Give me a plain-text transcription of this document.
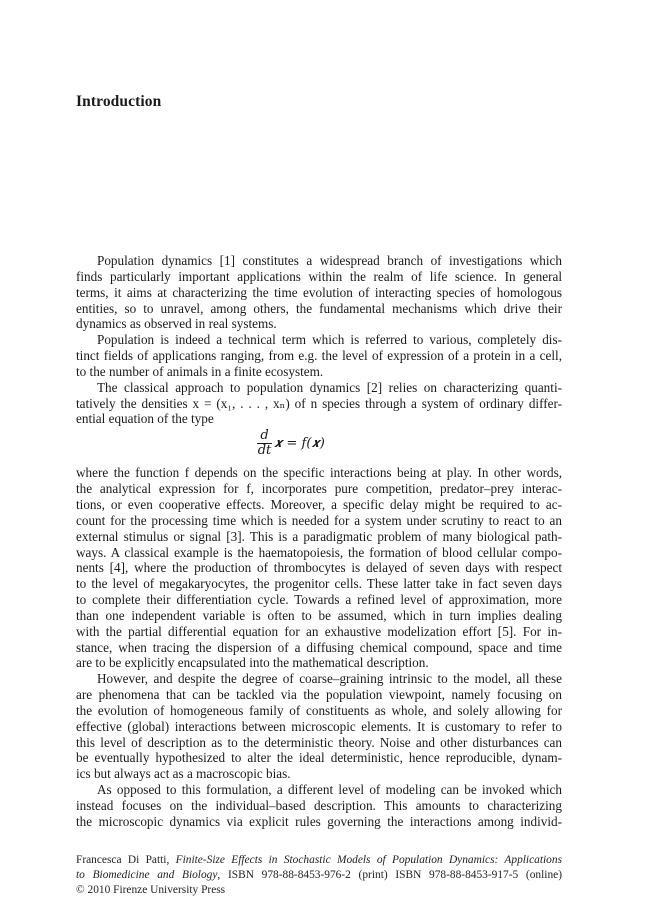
Introduction
Population dynamics [1] constitutes a widespread branch of investigations which
finds particularly important applications within the realm of life science. In general
terms, it aims at characterizing the time evolution of interacting species of homologous
entities, so to unravel, among others, the fundamental mechanisms which drive their
dynamics as observed in real systems.
Population is indeed a technical term which is referred to various, completely dis-
tinct fields of applications ranging, from e.g. the level of expression of a protein in a cell,
to the number of animals in a finite ecosystem.
The classical approach to population dynamics [2] relies on characterizing quanti-
tatively the densities x = (x₁, . . . , xₙ) of n species through a system of ordinary differ-
ential equation of the type
$\frac{d}{dt}$ 𝒙 = f(𝒙)
where the function f depends on the specific interactions being at play. In other words,
the analytical expression for f, incorporates pure competition, predator–prey interac-
tions, or even cooperative effects. Moreover, a specific delay might be required to ac-
count for the processing time which is needed for a system under scrutiny to react to an
external stimulus or signal [3]. This is a paradigmatic problem of many biological path-
ways. A classical example is the haematopoiesis, the formation of blood cellular compo-
nents [4], where the production of thrombocytes is delayed of seven days with respect
to the level of megakaryocytes, the progenitor cells. These latter take in fact seven days
to complete their differentiation cycle. Towards a refined level of approximation, more
than one independent variable is often to be assumed, which in turn implies dealing
with the partial differential equation for an exhaustive modelization effort [5]. For in-
stance, when tracing the dispersion of a diffusing chemical compound, space and time
are to be explicitly encapsulated into the mathematical description.
However, and despite the degree of coarse–graining intrinsic to the model, all these
are phenomena that can be tackled via the population viewpoint, namely focusing on
the evolution of homogeneous family of constituents as whole, and solely allowing for
effective (global) interactions between microscopic elements. It is customary to refer to
this level of description as to the deterministic theory. Noise and other disturbances can
be eventually hypothesized to alter the ideal deterministic, hence reproducible, dynam-
ics but always act as a macroscopic bias.
As opposed to this formulation, a different level of modeling can be invoked which
instead focuses on the individual–based description. This amounts to characterizing
the microscopic dynamics via explicit rules governing the interactions among individ-
Francesca Di Patti, Finite-Size Effects in Stochastic Models of Population Dynamics: Applications
to Biomedicine and Biology, ISBN 978-88-8453-976-2 (print) ISBN 978-88-8453-917-5 (online)
© 2010 Firenze University Press
